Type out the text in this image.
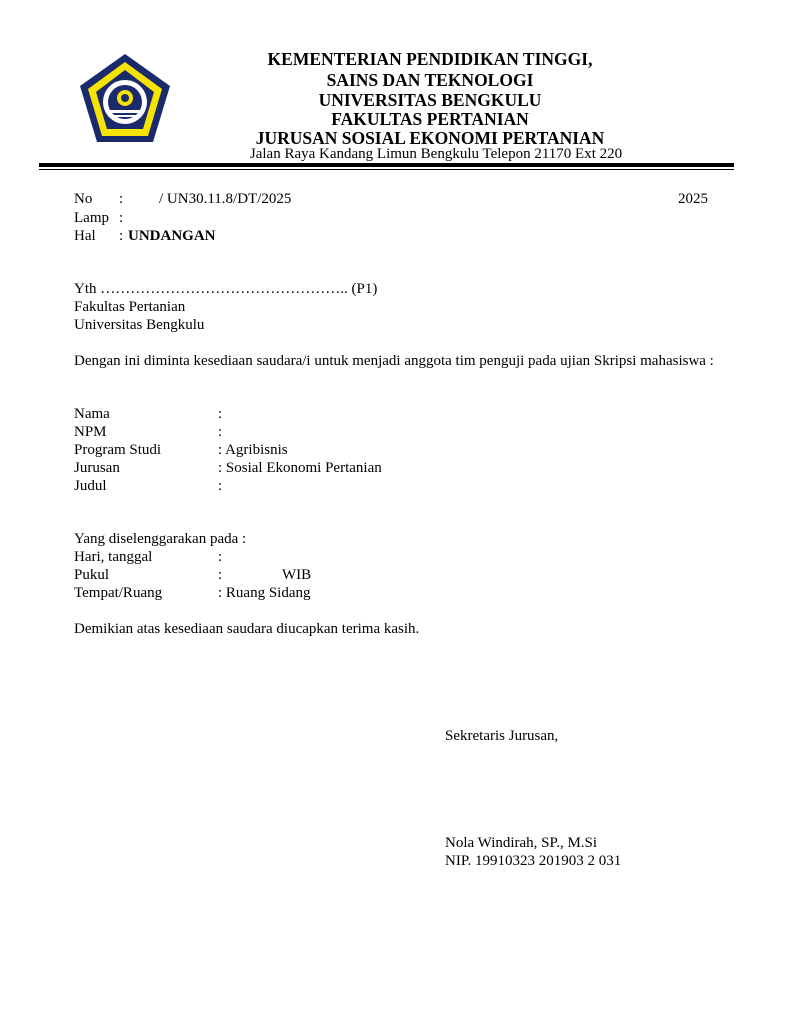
KEMENTERIAN PENDIDIKAN TINGGI,
SAINS DAN TEKNOLOGI
UNIVERSITAS BENGKULU
FAKULTAS PERTANIAN
JURUSAN SOSIAL EKONOMI PERTANIAN
Jalan Raya Kandang Limun Bengkulu Telepon 21170 Ext 220
No : / UN30.11.8/DT/2025	2025
Lamp :
Hal : UNDANGAN
Yth ………………………………………….. (P1)
Fakultas Pertanian
Universitas Bengkulu
Dengan ini diminta kesediaan saudara/i untuk menjadi anggota tim penguji pada ujian Skripsi mahasiswa :
Nama	:
NPM	:
Program Studi	: Agribisnis
Jurusan	: Sosial Ekonomi Pertanian
Judul	:
Yang diselenggarakan pada :
Hari, tanggal	:
Pukul	:	WIB
Tempat/Ruang	: Ruang Sidang
Demikian atas kesediaan saudara diucapkan terima kasih.
Sekretaris Jurusan,
Nola Windirah, SP., M.Si
NIP. 19910323 201903 2 031
